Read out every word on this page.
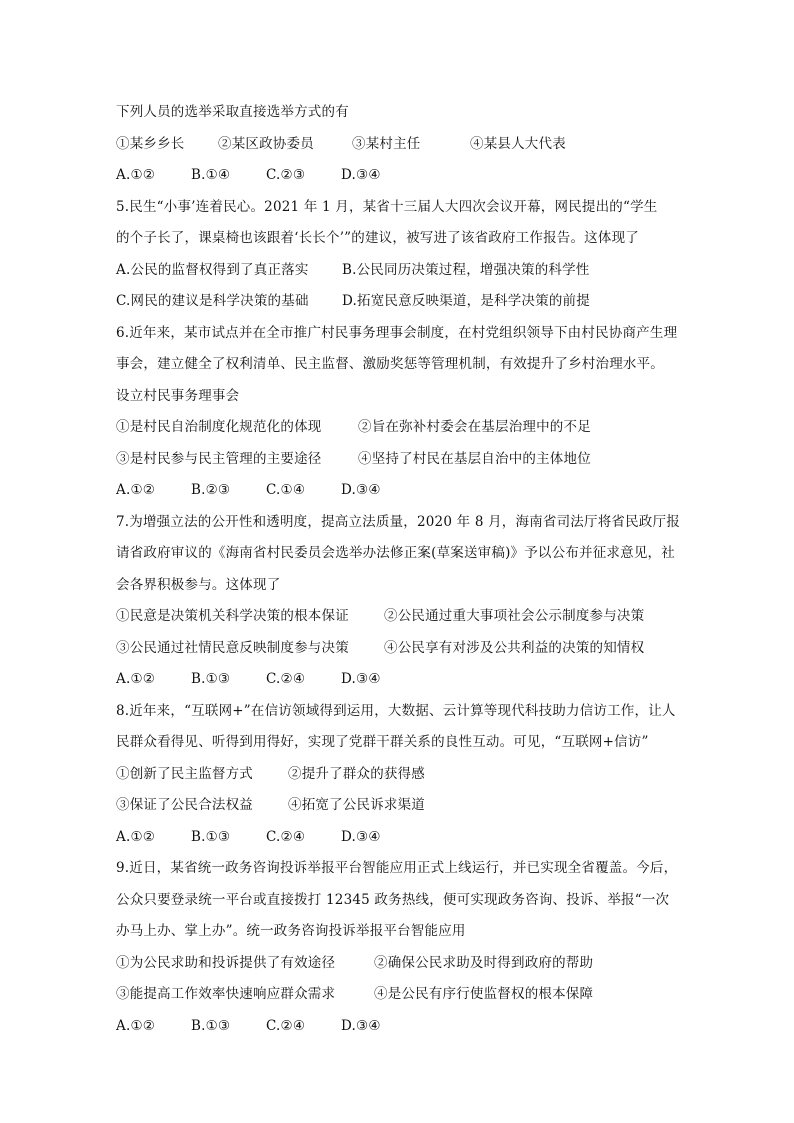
下列人员的选举采取直接选举方式的有
①某乡乡长 ②某区政协委员	③某村主任	④某县人大代表
A.①②	B.①④	C.②③	D.③④
5.民生“小事’连着民心。2021 年 1 月，某省十三届人大四次会议开幕，网民提出的“学生
的个子长了，课桌椅也该跟着‘长长个’”的建议，被写进了该省政府工作报告。这体现了
A.公民的监督权得到了真正落实 B.公民同历决策过程，增强决策的科学性
C.网民的建议是科学决策的基础 D.拓宽民意反映渠道，是科学决策的前提
6.近年来，某市试点并在全市推广村民事务理事会制度，在村党组织领导下由村民协商产生理
事会，建立健全了权利清单、民主监督、激励奖惩等管理机制，有效提升了乡村治理水平。
设立村民事务理事会
①是村民自治制度化规范化的体现	②旨在弥补村委会在基层治理中的不足
③是村民参与民主管理的主要途径	④坚持了村民在基层自治中的主体地位
A.①②	B.②③	C.①④	D.③④
7.为增强立法的公开性和透明度，提高立法质量，2020 年 8 月，海南省司法厅将省民政厅报
请省政府审议的《海南省村民委员会选举办法修正案(草案送审稿)》予以公布并征求意见，社
会各界积极参与。这体现了
①民意是决策机关科学决策的根本保证	②公民通过重大事项社会公示制度参与决策
③公民通过社情民意反映制度参与决策	④公民享有对涉及公共利益的决策的知情权
A.①②	B.①③	C.②④	D.③④
8.近年来，“互联网+”在信访领域得到运用，大数据、云计算等现代科技助力信访工作，让人
民群众看得见、听得到用得好，实现了党群干群关系的良性互动。可见，“互联网+信访”
①创新了民主监督方式	②提升了群众的获得感
③保证了公民合法权益	④拓宽了公民诉求渠道
A.①②	B.①③	C.②④	D.③④
9.近日，某省统一政务咨询投诉举报平台智能应用正式上线运行，并已实现全省覆盖。今后，
公众只要登录统一平台或直接拨打 12345 政务热线，便可实现政务咨询、投诉、举报“一次
办马上办、掌上办”。统一政务咨询投诉举报平台智能应用
①为公民求助和投诉提供了有效途径	②确保公民求助及时得到政府的帮助
③能提高工作效率快速响应群众需求	④是公民有序行使监督权的根本保障
A.①②	B.①③	C.②④	D.③④
